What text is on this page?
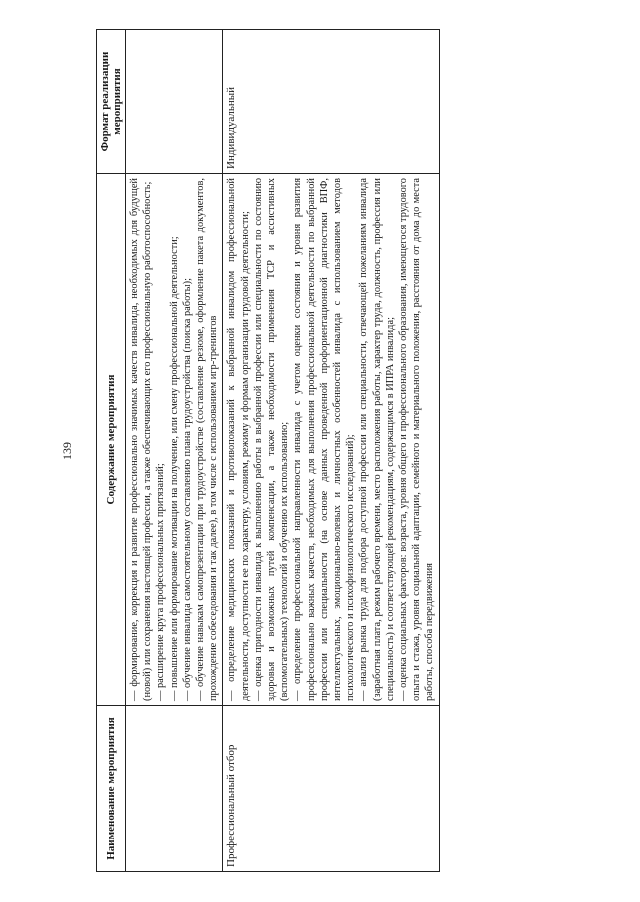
139
Наименование мероприятия	Содержание мероприятия	Формат реализации мероприятия

	— формирование, коррекция и развитие профессионально значимых качеств инвалида, необходимых для будущей (новой) или сохранения настоящей профессии, а также обеспечивающих его профессиональную работоспособность; — расширение круга профессиональных притязаний; — повышение или формирование мотивации на получение, или смену профессиональной деятельности; — обучение инвалида самостоятельному составлению плана трудоустройства (поиска работы); — обучение навыкам самопрезентации при трудоустройстве (составление резюме, оформление пакета документов, прохождение собеседования и так далее), в том числе с использованием игр-тренингов	

Профессиональный отбор	— определение медицинских показаний и противопоказаний к выбранной инвалидом профессиональной деятельности, доступности ее по характеру, условиям, режиму и формам организации трудовой деятельности; — оценка пригодности инвалида к выполнению работы в выбранной профессии или специальности по состоянию здоровья и возможных путей компенсации, а также необходимости применения ТСР и ассистивных (вспомогательных) технологий и обучению их использованию; — определение профессиональной направленности инвалида с учетом оценки состояния и уровня развития профессионально важных качеств, необходимых для выполнения профессиональной деятельности по выбранной профессии или специальности (на основе данных проведенной профориентационной диагностики ВПФ, интеллектуальных, эмоционально-волевых и личностных особенностей инвалида с использованием методов психологического и психофизиологического исследований); — анализ рынка труда для подбора доступной профессии или специальности, отвечающей пожеланиям инвалида (заработная плата, режим рабочего времени, место расположения работы, характер труда, должность, профессия или специальность) и соответствующей рекомендациям, содержащимся в ИПРА инвалида; — оценка социальных факторов: возраста, уровня общего и профессионального образования, имеющегося трудового опыта и стажа, уровня социальной адаптации, семейного и материального положения, расстояния от дома до места работы, способа передвижения	Индивидуальный
